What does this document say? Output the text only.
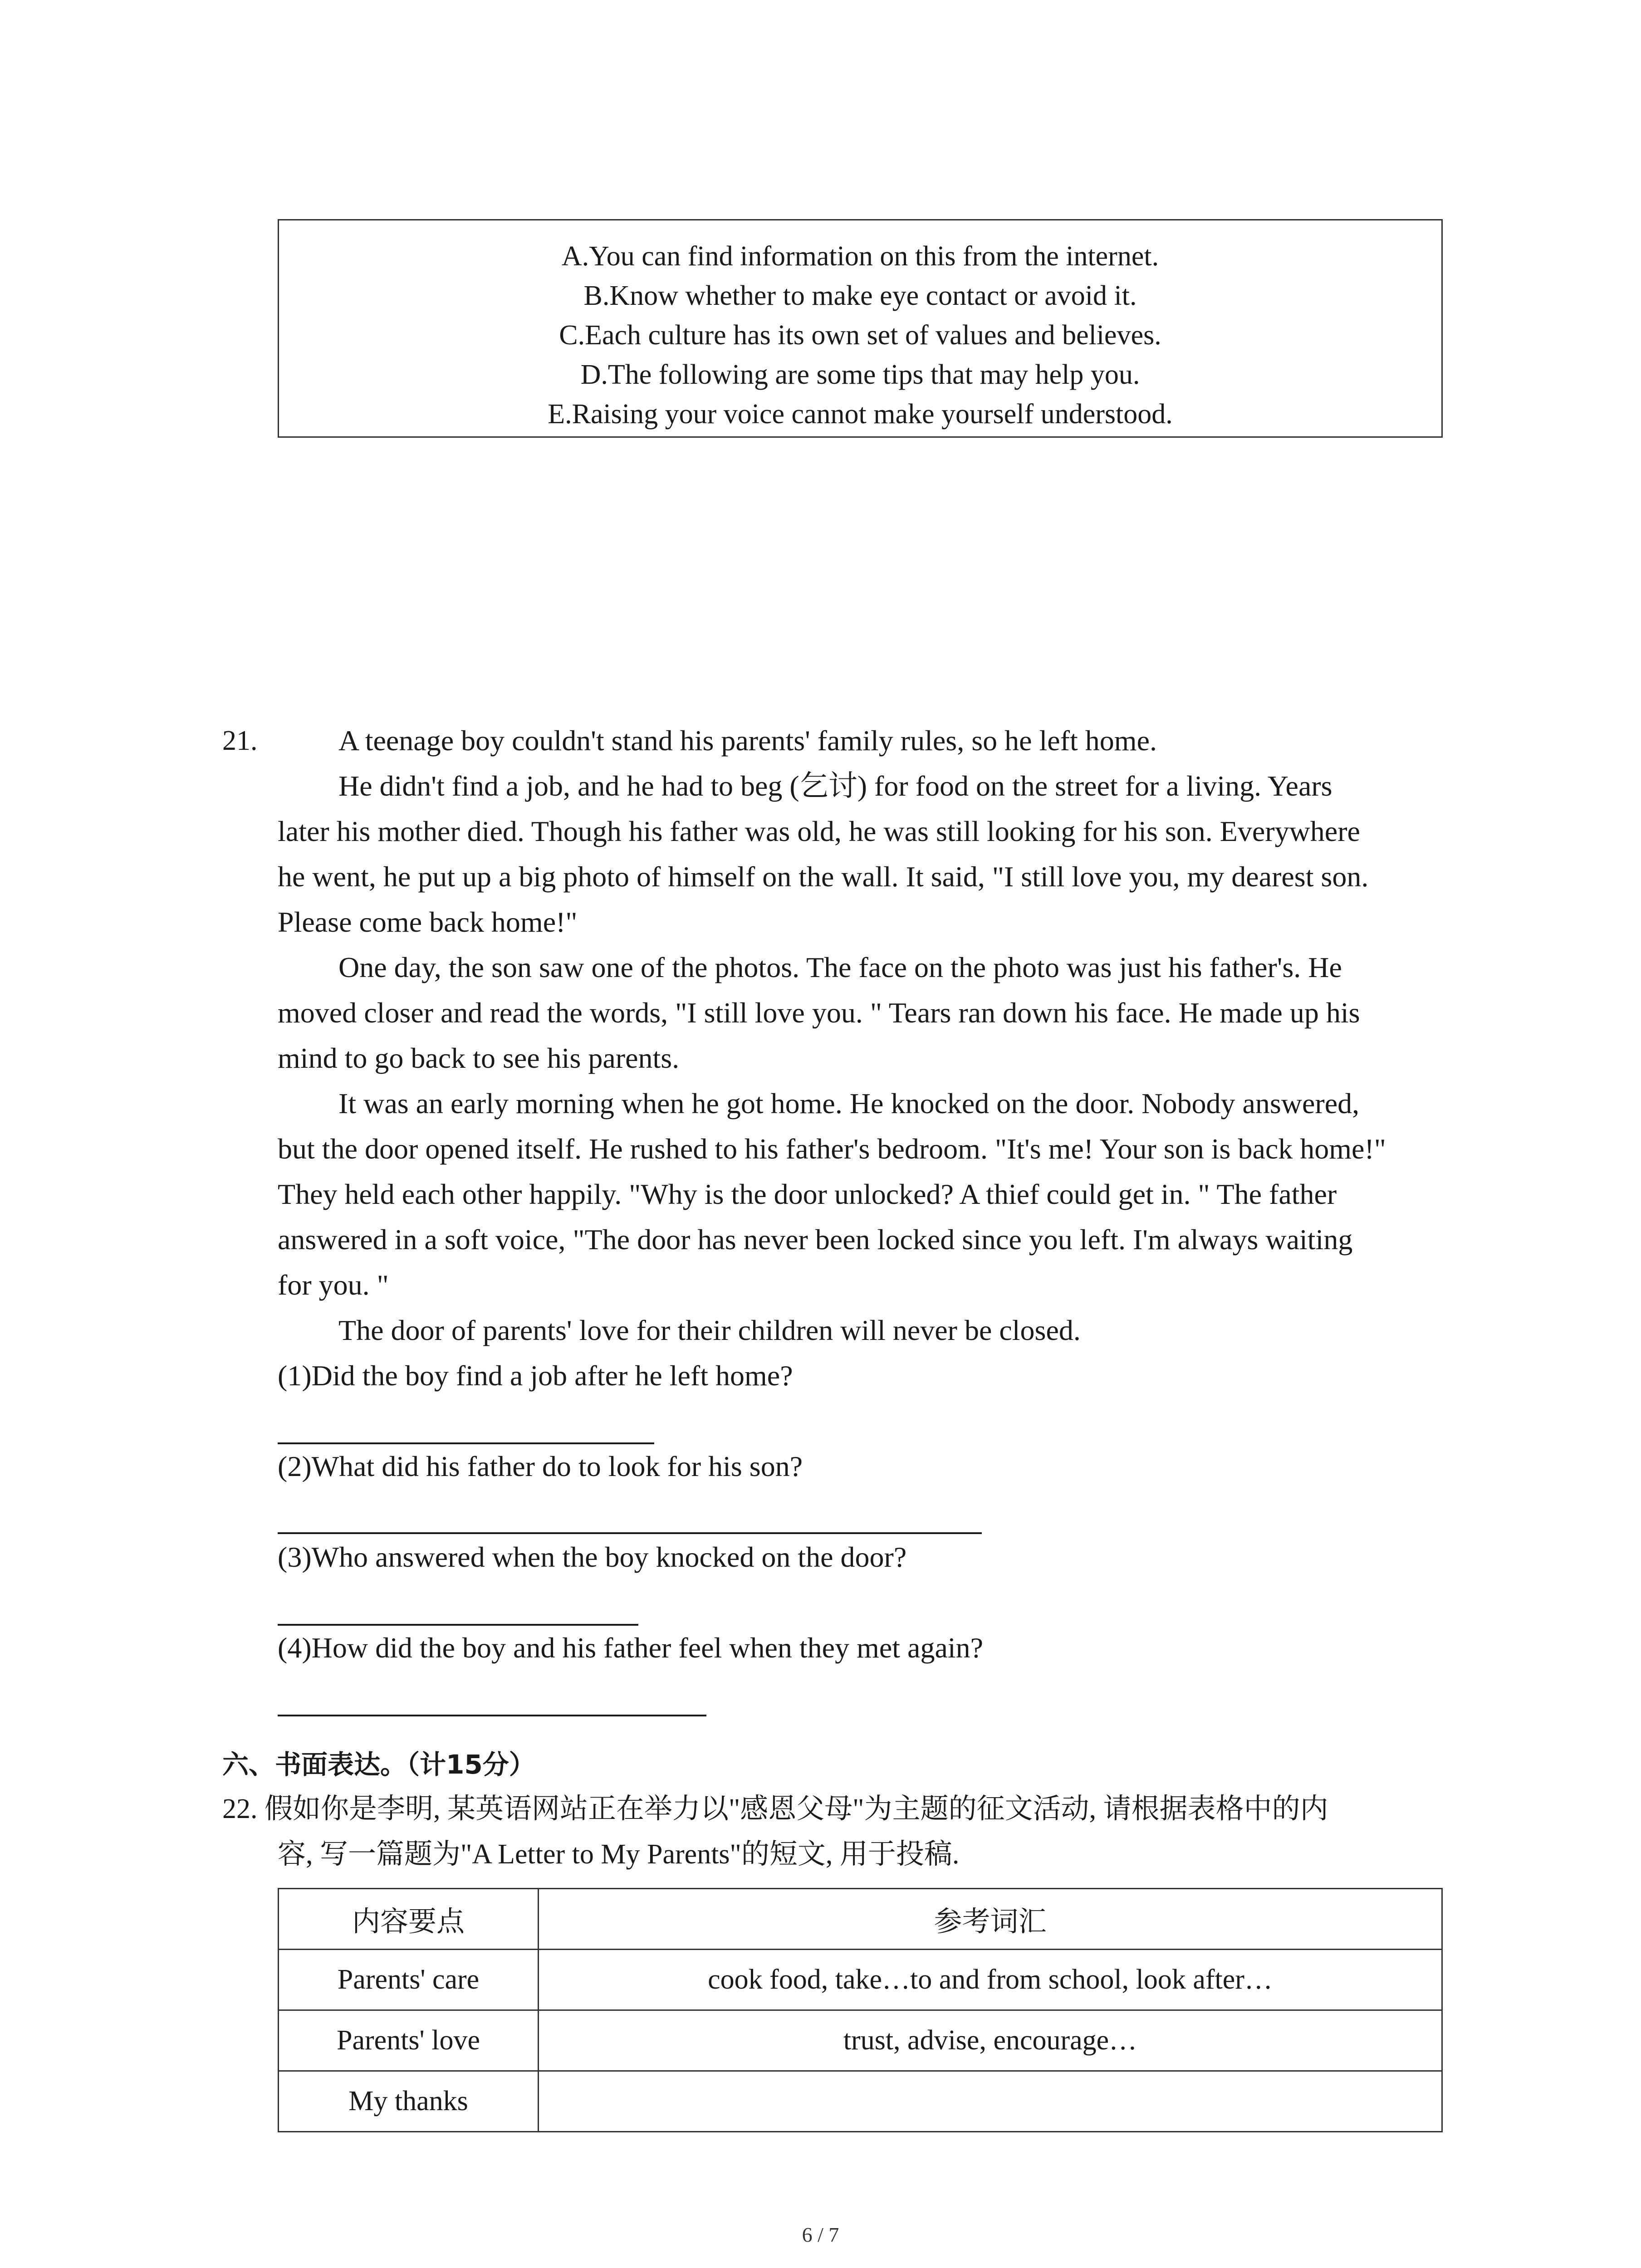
A.You can find information on this from the internet.
B.Know whether to make eye contact or avoid it.
C.Each culture has its own set of values and believes.
D.The following are some tips that may help you.
E.Raising your voice cannot make yourself understood.
21.	A teenage boy couldn't stand his parents' family rules, so he left home.
He didn't find a job, and he had to beg (乞讨) for food on the street for a living. Years
later his mother died. Though his father was old, he was still looking for his son. Everywhere
he went, he put up a big photo of himself on the wall. It said, "I still love you, my dearest son.
Please come back home!"
One day, the son saw one of the photos. The face on the photo was just his father's. He
moved closer and read the words, "I still love you. " Tears ran down his face. He made up his
mind to go back to see his parents.
It was an early morning when he got home. He knocked on the door. Nobody answered,
but the door opened itself. He rushed to his father's bedroom. "It's me! Your son is back home!"
They held each other happily. "Why is the door unlocked? A thief could get in. " The father
answered in a soft voice, "The door has never been locked since you left. I'm always waiting
for you. "
The door of parents' love for their children will never be closed.
(1)Did the boy find a job after he left home?
(2)What did his father do to look for his son?
(3)Who answered when the boy knocked on the door?
(4)How did the boy and his father feel when they met again?
六、书面表达。（计15分）
22. 假如你是李明, 某英语网站正在举力以"感恩父母"为主题的征文活动, 请根据表格中的内
容, 写一篇题为"A Letter to My Parents"的短文, 用于投稿.
内容要点	参考词汇
Parents' care	cook food, take…to and from school, look after…
Parents' love	trust, advise, encourage…
My thanks	
6 / 7
